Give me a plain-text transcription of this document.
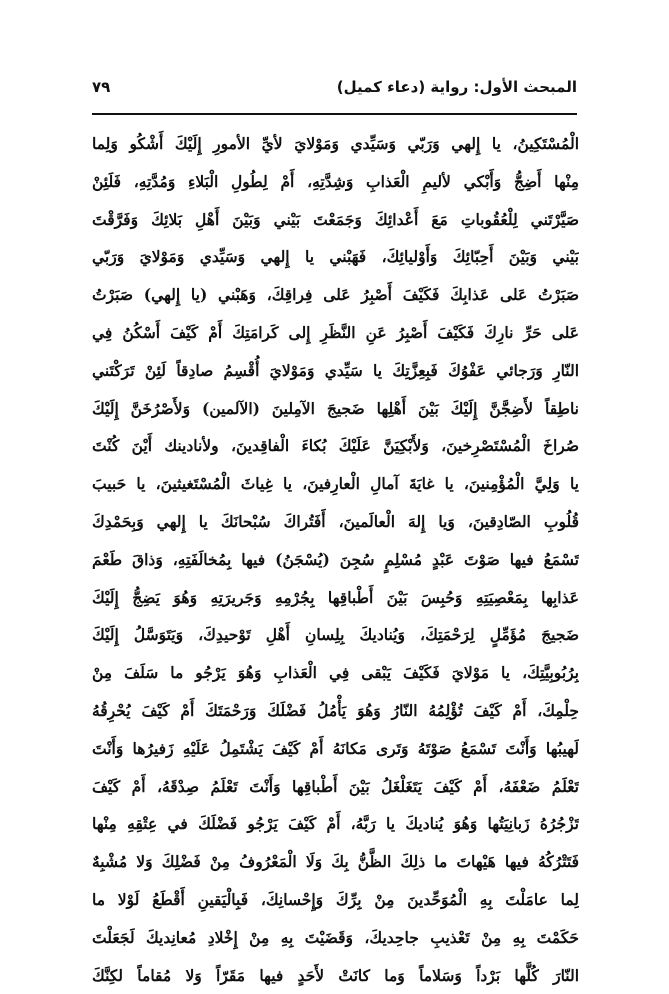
المبحث الأول: رواية (دعاء كميل)
٧٩
الْمُسْتَكِينُ، يا إِلهي وَرَبّي وَسَيِّدي وَمَوْلايَ لأيِّ الأمورِ إِلَيْكَ أَشْكُو وَلِما
مِنْها أَضِجُّ وَأَبْكي لأليمِ الْعَذابِ وَشِدَّتِهِ، أَمْ لِطُولِ الْبَلاءِ وَمُدَّتِهِ، فَلَئِنْ
صَيَّرْتَني لِلْعُقُوباتِ مَعَ أَعْدائِكَ وَجَمَعْتَ بَيْني وَبَيْنَ أَهْلِ بَلائِكَ وَفَرَّقْتَ
بَيْني وَبَيْنَ أَحِبّائِكَ وَأَوْليائِكَ، فَهَبْني يا إِلهي وَسَيِّدي وَمَوْلايَ وَرَبّي
صَبَرْتُ عَلى عَذابِكَ فَكَيْفَ أَصْبِرُ عَلى فِراقِكَ، وَهَبْني (يا إِلهي) صَبَرْتُ
عَلى حَرِّ نارِكَ فَكَيْفَ أَصْبِرُ عَنِ النَّظَرِ إِلى كَرامَتِكَ أَمْ كَيْفَ أَسْكُنُ فِي
النّارِ وَرَجائي عَفْوُكَ فَبِعِزَّتِكَ يا سَيِّدي وَمَوْلايَ أُقْسِمُ صادِقاً لَئِنْ تَرَكْتَني
ناطِقاً لأَضِجَّنَّ إِلَيْكَ بَيْنَ أَهْلِها ضَجيجَ الآمِلينَ (الآلمين) وَلأَصْرُخَنَّ إِلَيْكَ
صُراخَ الْمُسْتَصْرِخينَ، وَلأَبْكِيَنَّ عَلَيْكَ بُكاءَ الْفاقِدينَ، ولأنادينك أَيْنَ كُنْتَ
يا وَلِيَّ الْمُؤْمِنينَ، يا غايَةَ آمالِ الْعارِفينَ، يا غِياثَ الْمُسْتَغيثينَ، يا حَبيبَ
قُلُوبِ الصّادِقينَ، وَيا إِلهَ الْعالَمينَ، أَفَتُراكَ سُبْحانَكَ يا إِلهي وَبِحَمْدِكَ
تَسْمَعُ فيها صَوْتَ عَبْدٍ مُسْلِمٍ سُجِنَ (يُسْجَنُ) فيها بِمُخالَفَتِهِ، وَذاقَ طَعْمَ
عَذابِها بِمَعْصِيَتِهِ وَحُبِسَ بَيْنَ أَطْباقِها بِجُرْمِهِ وَجَريرَتِهِ وَهُوَ يَضِجُّ إِلَيْكَ
ضَجيجَ مُؤَمِّلٍ لِرَحْمَتِكَ، وَيُناديكَ بِلِسانِ أَهْلِ تَوْحيدِكَ، وَيَتَوَسَّلُ إِلَيْكَ
بِرُبُوبِيَّتِكَ، يا مَوْلايَ فَكَيْفَ يَبْقى فِي الْعَذابِ وَهُوَ يَرْجُو ما سَلَفَ مِنْ
حِلْمِكَ، أَمْ كَيْفَ تُؤْلِمُهُ النّارُ وَهُوَ يَأْمُلُ فَضْلَكَ وَرَحْمَتَكَ أَمْ كَيْفَ يُحْرِقُهُ
لَهيبُها وَأَنْتَ تَسْمَعُ صَوْتَهُ وَتَرى مَكانَهُ أَمْ كَيْفَ يَشْتَمِلُ عَلَيْهِ زَفيرُها وَأَنْتَ
تَعْلَمُ ضَعْفَهُ، أَمْ كَيْفَ يَتَغَلْغَلُ بَيْنَ أَطْباقِها وَأَنْتَ تَعْلَمُ صِدْقَهُ، أَمْ كَيْفَ
تَزْجُرُهُ زَبانِيَتُها وَهُوَ يُناديكَ يا رَبَّهُ، أَمْ كَيْفَ يَرْجُو فَضْلَكَ في عِتْقِهِ مِنْها
فَتَتْرُكُهُ فيها هَيْهاتَ ما ذلِكَ الظَّنُّ بِكَ وَلَا الْمَعْرُوفُ مِنْ فَضْلِكَ وَلا مُشْبِهٌ
لِما عامَلْتَ بِهِ الْمُوَحِّدينَ مِنْ بِرِّكَ وَإِحْسانِكَ، فَبِالْيَقينِ أَقْطَعُ لَوْلا ما
حَكَمْتَ بِهِ مِنْ تَعْذيبِ جاحِديكَ، وَقَضَيْتَ بِهِ مِنْ إِخْلادِ مُعانِديكَ لَجَعَلْتَ
النّارَ كُلَّها بَرْداً وَسَلاماً وَما كانَتْ لأَحَدٍ فيها مَقَرّاً وَلا مُقاماً لكِنَّكَ
